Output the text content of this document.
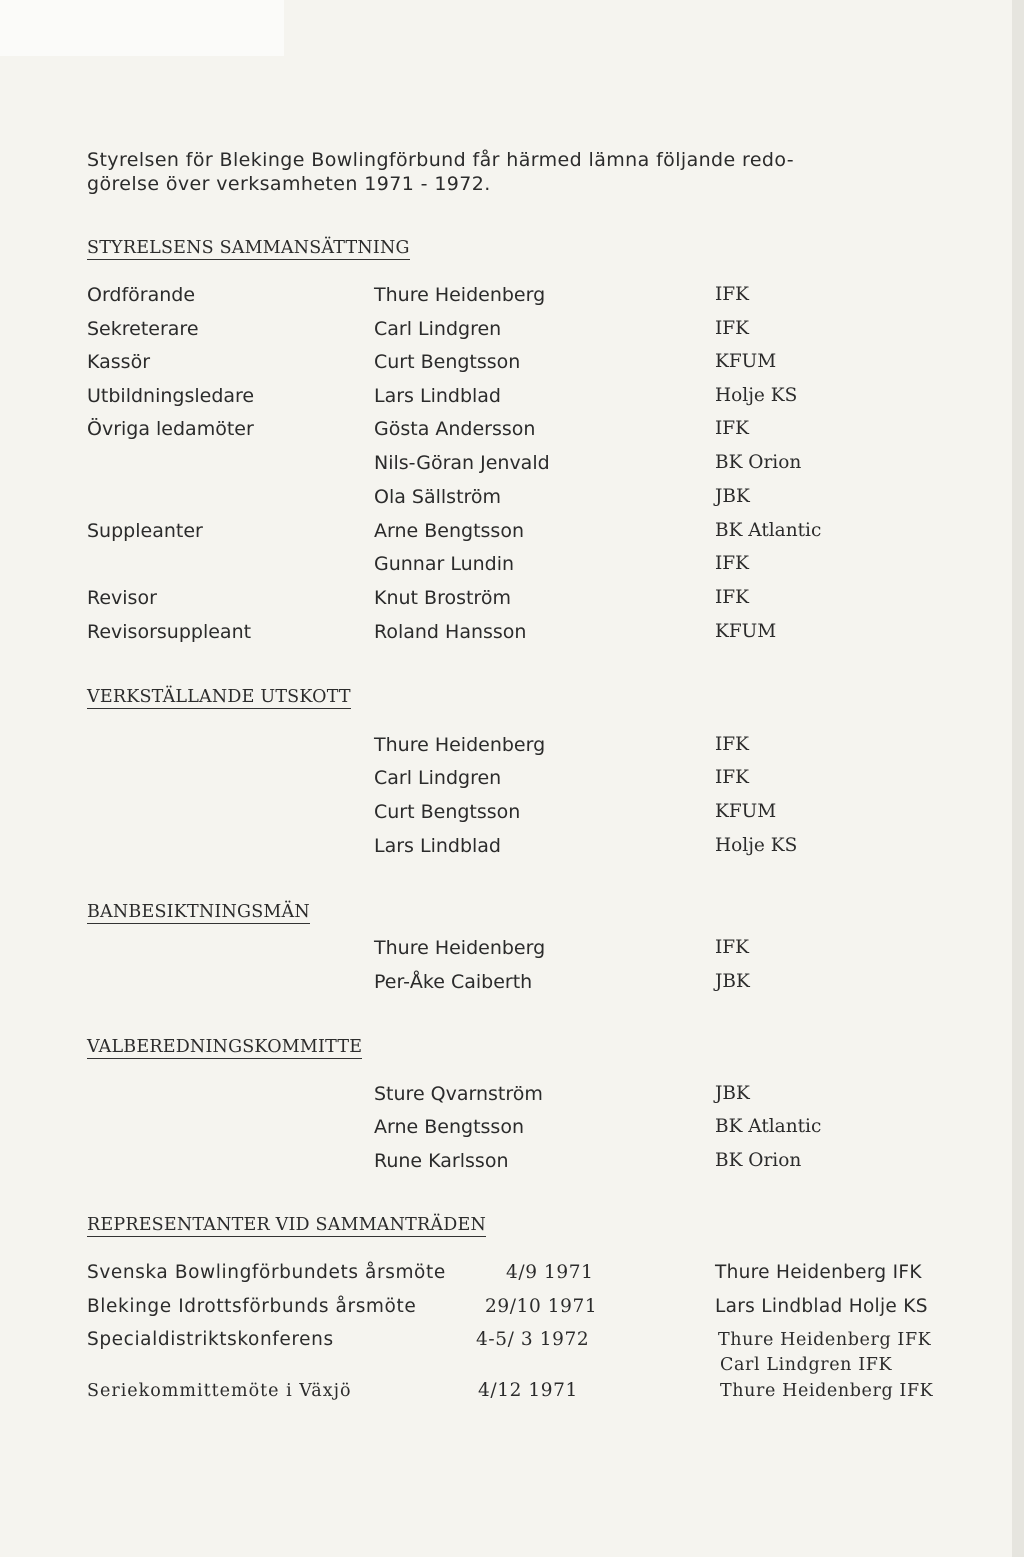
Styrelsen för Blekinge Bowlingförbund får härmed lämna följande redo-
görelse över verksamheten 1971 - 1972.
STYRELSENS SAMMANSÄTTNING
Ordförande	Thure Heidenberg	IFK
Sekreterare	Carl Lindgren	IFK
Kassör	Curt Bengtsson	KFUM
Utbildningsledare	Lars Lindblad	Holje KS
Övriga ledamöter	Gösta Andersson	IFK
Nils-Göran Jenvald	BK Orion
Ola Sällström	JBK
Suppleanter	Arne Bengtsson	BK Atlantic
Gunnar Lundin	IFK
Revisor	Knut Broström	IFK
Revisorsuppleant	Roland Hansson	KFUM
VERKSTÄLLANDE UTSKOTT
Thure Heidenberg	IFK
Carl Lindgren	IFK
Curt Bengtsson	KFUM
Lars Lindblad	Holje KS
BANBESIKTNINGSMÄN
Thure Heidenberg	IFK
Per-Åke Caiberth	JBK
VALBEREDNINGSKOMMITTE
Sture Qvarnström	JBK
Arne Bengtsson	BK Atlantic
Rune Karlsson	BK Orion
REPRESENTANTER VID SAMMANTRÄDEN
Svenska Bowlingförbundets årsmöte	4/9 1971	Thure Heidenberg IFK
Blekinge Idrottsförbunds årsmöte	29/10 1971	Lars Lindblad Holje KS
Specialdistriktskonferens	4-5/ 3 1972	Thure Heidenberg IFK
Carl Lindgren IFK
Seriekommittemöte i Växjö	4/12 1971	Thure Heidenberg IFK
